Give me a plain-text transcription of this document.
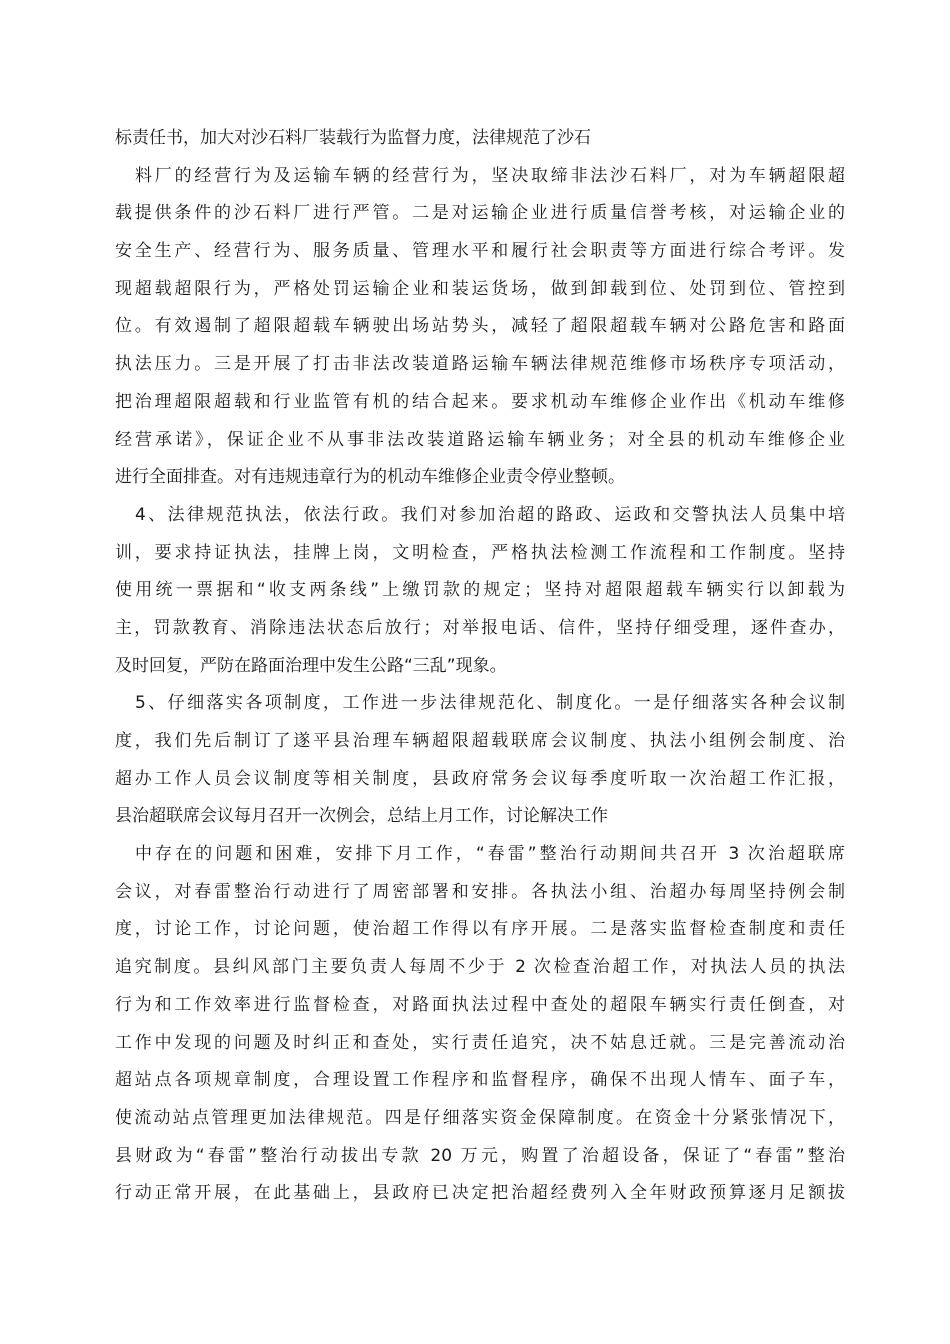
标责任书，加大对沙石料厂装载行为监督力度，法律规范了沙石
料厂的经营行为及运输车辆的经营行为，坚决取缔非法沙石料厂，对为车辆超限超
载提供条件的沙石料厂进行严管。二是对运输企业进行质量信誉考核，对运输企业的
安全生产、经营行为、服务质量、管理水平和履行社会职责等方面进行综合考评。发
现超载超限行为，严格处罚运输企业和装运货场，做到卸载到位、处罚到位、管控到
位。有效遏制了超限超载车辆驶出场站势头，减轻了超限超载车辆对公路危害和路面
执法压力。三是开展了打击非法改装道路运输车辆法律规范维修市场秩序专项活动，
把治理超限超载和行业监管有机的结合起来。要求机动车维修企业作出《机动车维修
经营承诺》，保证企业不从事非法改装道路运输车辆业务；对全县的机动车维修企业
进行全面排查。对有违规违章行为的机动车维修企业责令停业整顿。
4、法律规范执法，依法行政。我们对参加治超的路政、运政和交警执法人员集中培
训，要求持证执法，挂牌上岗，文明检查，严格执法检测工作流程和工作制度。坚持
使用统一票据和“收支两条线”上缴罚款的规定；坚持对超限超载车辆实行以卸载为
主，罚款教育、消除违法状态后放行；对举报电话、信件，坚持仔细受理，逐件查办，
及时回复，严防在路面治理中发生公路“三乱”现象。
5、仔细落实各项制度，工作进一步法律规范化、制度化。一是仔细落实各种会议制
度，我们先后制订了遂平县治理车辆超限超载联席会议制度、执法小组例会制度、治
超办工作人员会议制度等相关制度，县政府常务会议每季度听取一次治超工作汇报，
县治超联席会议每月召开一次例会，总结上月工作，讨论解决工作
中存在的问题和困难，安排下月工作，“春雷”整治行动期间共召开 3 次治超联席
会议，对春雷整治行动进行了周密部署和安排。各执法小组、治超办每周坚持例会制
度，讨论工作，讨论问题，使治超工作得以有序开展。二是落实监督检查制度和责任
追究制度。县纠风部门主要负责人每周不少于 2 次检查治超工作，对执法人员的执法
行为和工作效率进行监督检查，对路面执法过程中查处的超限车辆实行责任倒查，对
工作中发现的问题及时纠正和查处，实行责任追究，决不姑息迁就。三是完善流动治
超站点各项规章制度，合理设置工作程序和监督程序，确保不出现人情车、面子车，
使流动站点管理更加法律规范。四是仔细落实资金保障制度。在资金十分紧张情况下，
县财政为“春雷”整治行动拔出专款 20 万元，购置了治超设备，保证了“春雷”整治
行动正常开展，在此基础上，县政府已决定把治超经费列入全年财政预算逐月足额拔
